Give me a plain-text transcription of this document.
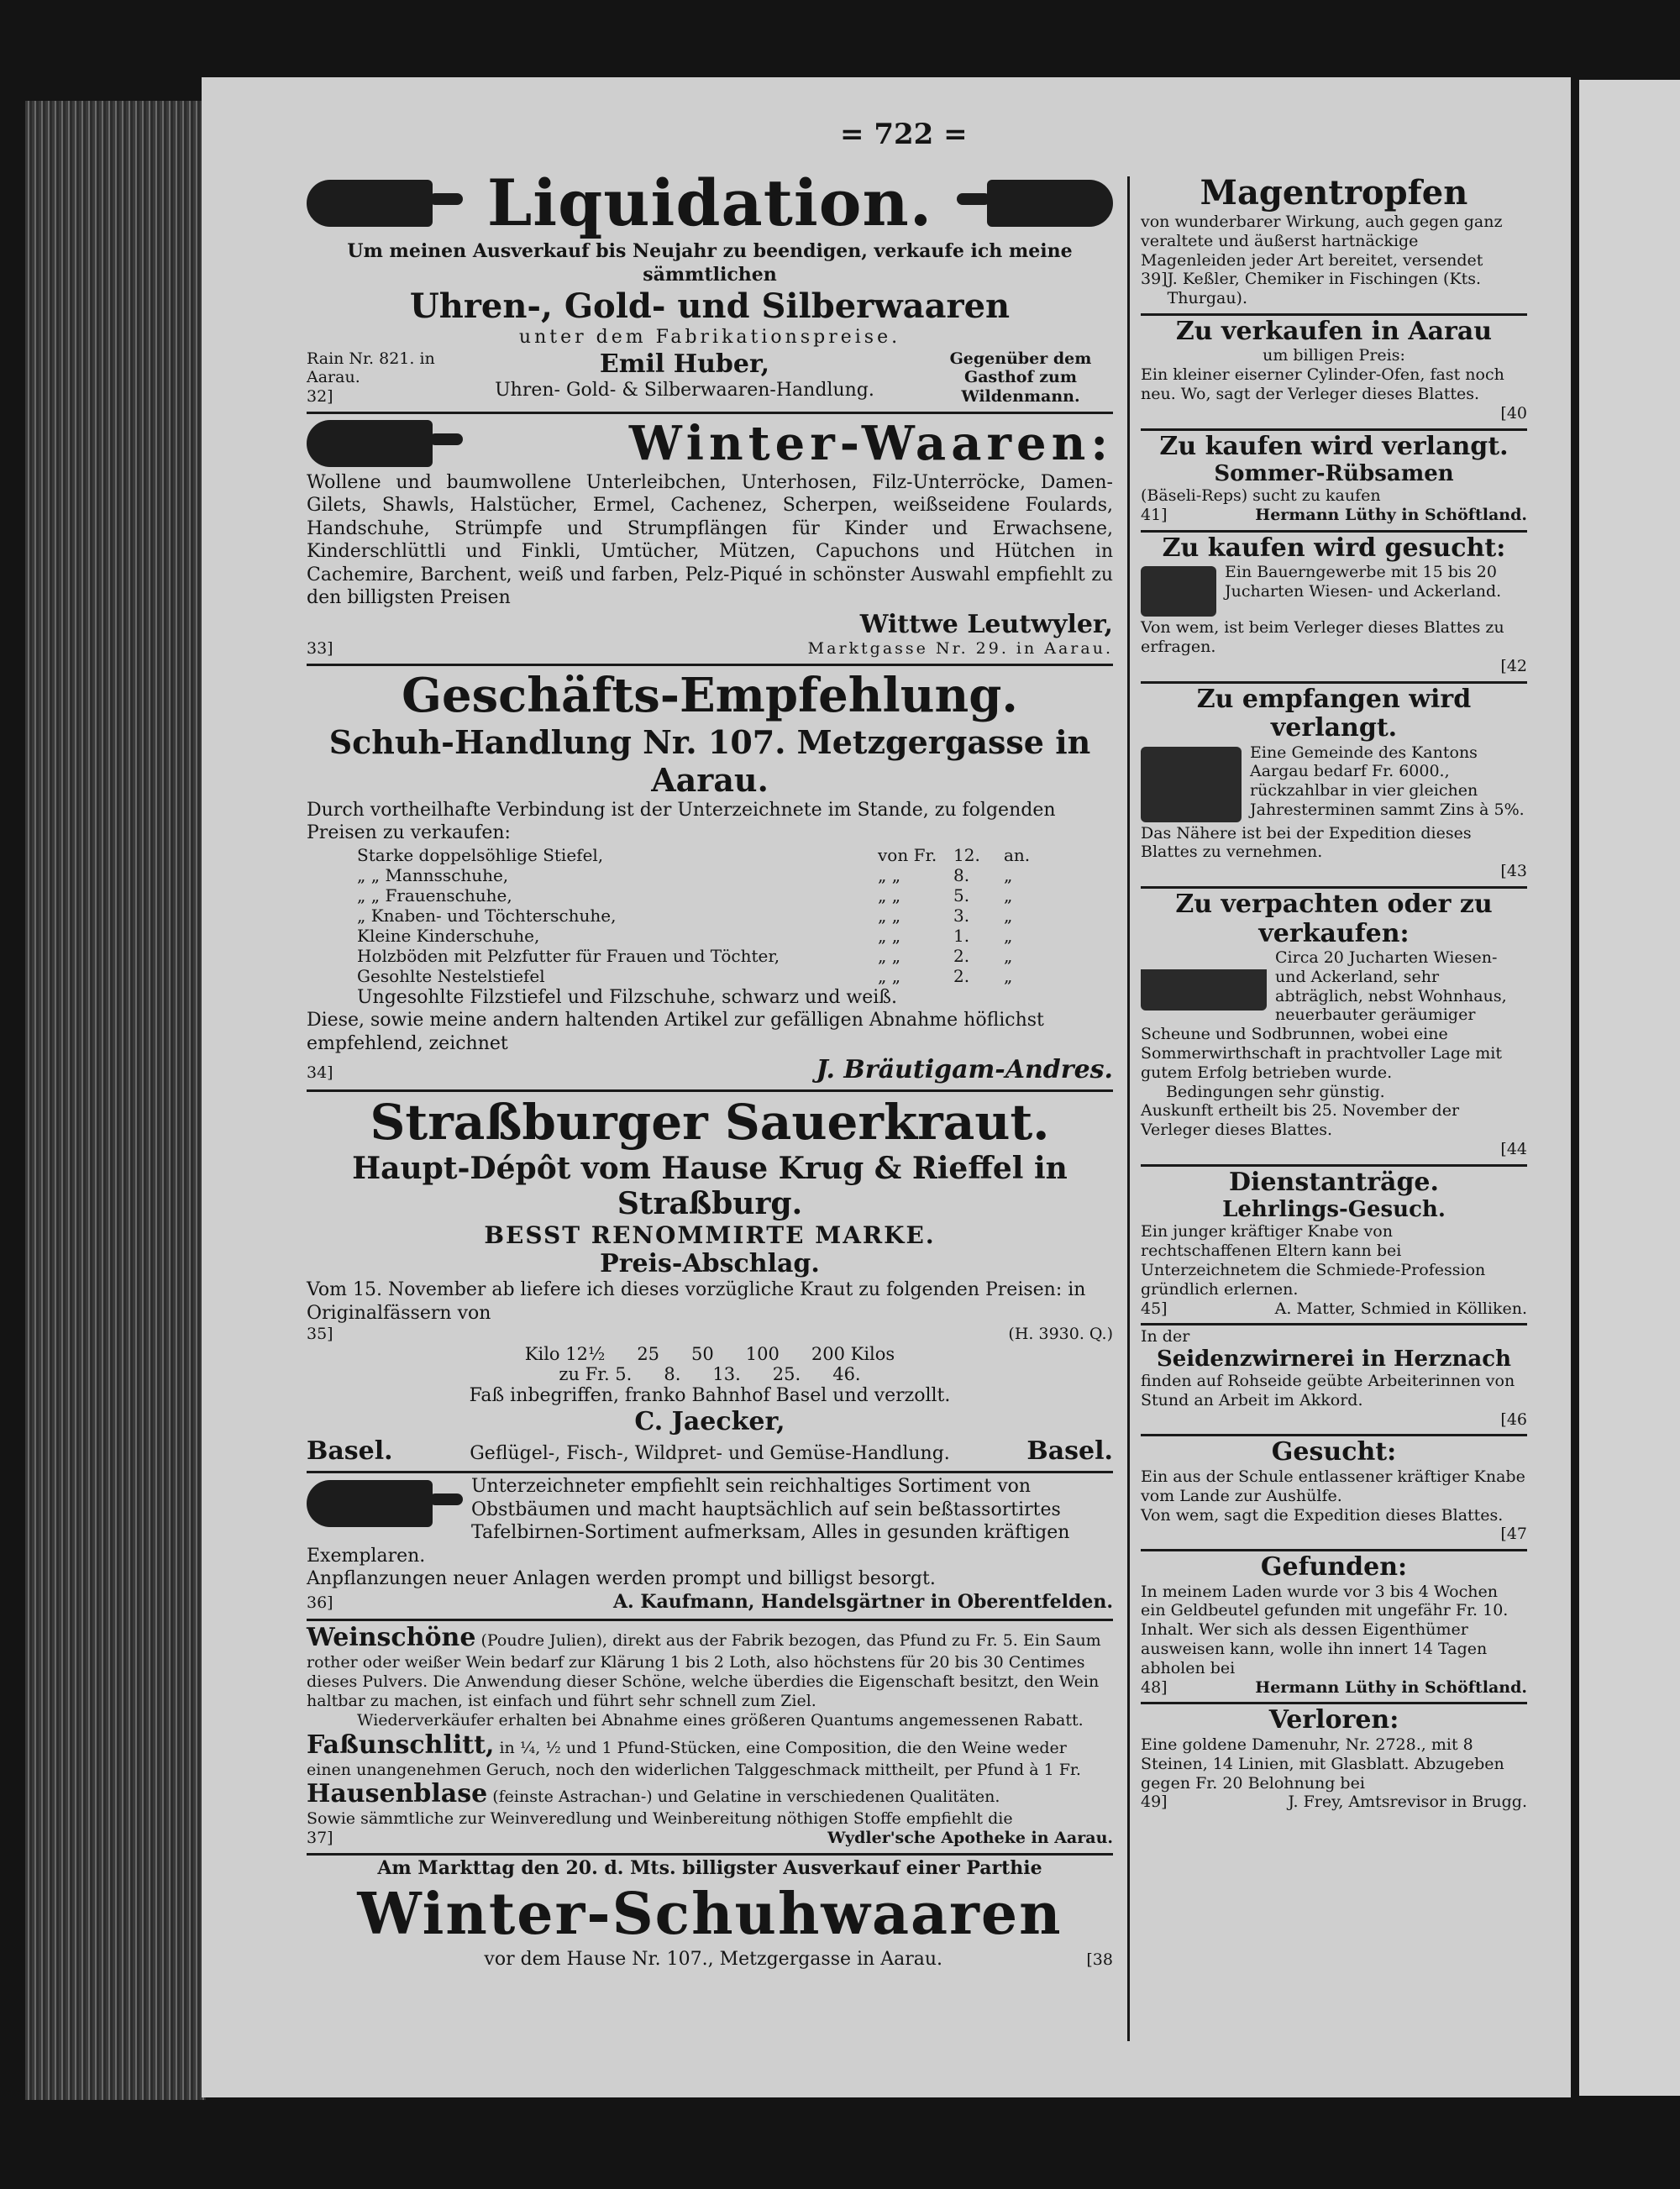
= 722 =
Liquidation.
Um meinen Ausverkauf bis Neujahr zu beendigen, verkaufe ich meine sämmtlichen
Uhren-, Gold- und Silberwaaren
unter dem Fabrikationspreise.
Rain Nr. 821. in Aarau.
32]
Emil Huber,
Uhren- Gold- & Silberwaaren-Handlung.
Gegenüber dem Gasthof zum Wildenmann.
Winter-Waaren:
Wollene und baumwollene Unterleibchen, Unterhosen, Filz-Unterröcke, Damen-Gilets, Shawls, Halstücher, Ermel, Cachenez, Scherpen, weißseidene Foulards, Handschuhe, Strümpfe und Strumpflängen für Kinder und Erwachsene, Kinderschlüttli und Finkli, Umtücher, Mützen, Capuchons und Hütchen in Cachemire, Barchent, weiß und farben, Pelz-Piqué in schönster Auswahl empfiehlt zu den billigsten Preisen
Wittwe Leutwyler,
33]	Marktgasse Nr. 29. in Aarau.
Geschäfts-Empfehlung.
Schuh-Handlung Nr. 107. Metzgergasse in Aarau.
Durch vortheilhafte Verbindung ist der Unterzeichnete im Stande, zu folgenden Preisen zu verkaufen:
Starke doppelsöhlige Stiefel,	von Fr. 12.	an.
„ „ Mannsschuhe,	„ „	8.	„
„ „ Frauenschuhe,	„ „	5.	„
„ Knaben- und Töchterschuhe,	„ „	3.	„
Kleine Kinderschuhe,	„ „	1.	„
Holzböden mit Pelzfutter für Frauen und Töchter,	„ „	2.	„
Gesohlte Nestelstiefel	„ „	2.	„
Ungesohlte Filzstiefel und Filzschuhe, schwarz und weiß.
Diese, sowie meine andern haltenden Artikel zur gefälligen Abnahme höflichst empfehlend, zeichnet
34]	J. Bräutigam-Andres.
Straßburger Sauerkraut.
Haupt-Dépôt vom Hause Krug & Rieffel in Straßburg.
BESST RENOMMIRTE MARKE.
Preis-Abschlag.
Vom 15. November ab liefere ich dieses vorzügliche Kraut zu folgenden Preisen: in Originalfässern von
35]	(H. 3930. Q.)
Kilo 12½ 25 50 100 200 Kilos
zu Fr. 5. 8. 13. 25. 46.
Faß inbegriffen, franko Bahnhof Basel und verzollt.
C. Jaecker,
Basel.	Geflügel-, Fisch-, Wildpret- und Gemüse-Handlung.	Basel.
Unterzeichneter empfiehlt sein reichhaltiges Sortiment von Obstbäumen und macht hauptsächlich auf sein beßtassortirtes Tafelbirnen-Sortiment aufmerksam, Alles in gesunden kräftigen Exemplaren.
Anpflanzungen neuer Anlagen werden prompt und billigst besorgt.
36]	A. Kaufmann, Handelsgärtner in Oberentfelden.
Weinschöne (Poudre Julien), direkt aus der Fabrik bezogen, das Pfund zu Fr. 5. Ein Saum rother oder weißer Wein bedarf zur Klärung 1 bis 2 Loth, also höchstens für 20 bis 30 Centimes dieses Pulvers. Die Anwendung dieser Schöne, welche überdies die Eigenschaft besitzt, den Wein haltbar zu machen, ist einfach und führt sehr schnell zum Ziel.
Wiederverkäufer erhalten bei Abnahme eines größeren Quantums angemessenen Rabatt.
Faßunschlitt, in ¼, ½ und 1 Pfund-Stücken, eine Composition, die den Weine weder einen unangenehmen Geruch, noch den widerlichen Talggeschmack mittheilt, per Pfund à 1 Fr.
Hausenblase (feinste Astrachan-) und Gelatine in verschiedenen Qualitäten.
Sowie sämmtliche zur Weinveredlung und Weinbereitung nöthigen Stoffe empfiehlt die
37]	Wydler'sche Apotheke in Aarau.
Am Markttag den 20. d. Mts. billigster Ausverkauf einer Parthie
Winter-Schuhwaaren
vor dem Hause Nr. 107., Metzgergasse in Aarau.	[38
Magentropfen
von wunderbarer Wirkung, auch gegen ganz veraltete und äußerst hartnäckige Magenleiden jeder Art bereitet, versendet
39] J. Keßler, Chemiker in Fischingen (Kts. Thurgau).
Zu verkaufen in Aarau
um billigen Preis:
Ein kleiner eiserner Cylinder-Ofen, fast noch neu. Wo, sagt der Verleger dieses Blattes.
[40
Zu kaufen wird verlangt.
Sommer-Rübsamen
(Bäseli-Reps) sucht zu kaufen
41]	Hermann Lüthy in Schöftland.
Zu kaufen wird gesucht:
Ein Bauerngewerbe mit 15 bis 20 Jucharten Wiesen- und Ackerland.
Von wem, ist beim Verleger dieses Blattes zu erfragen.
[42
Zu empfangen wird verlangt.
Eine Gemeinde des Kantons Aargau bedarf Fr. 6000., rückzahlbar in vier gleichen Jahresterminen sammt Zins à 5%.
Das Nähere ist bei der Expedition dieses Blattes zu vernehmen.
[43
Zu verpachten oder zu verkaufen:
Circa 20 Jucharten Wiesen- und Ackerland, sehr abträglich, nebst Wohnhaus, neuerbauter geräumiger Scheune und Sodbrunnen, wobei eine Sommerwirthschaft in prachtvoller Lage mit gutem Erfolg betrieben wurde.
Bedingungen sehr günstig.
Auskunft ertheilt bis 25. November der Verleger dieses Blattes.
[44
Dienstanträge.
Lehrlings-Gesuch.
Ein junger kräftiger Knabe von rechtschaffenen Eltern kann bei Unterzeichnetem die Schmiede-Profession gründlich erlernen.
45]	A. Matter, Schmied in Kölliken.
In der
Seidenzwirnerei in Herznach
finden auf Rohseide geübte Arbeiterinnen von Stund an Arbeit im Akkord.
[46
Gesucht:
Ein aus der Schule entlassener kräftiger Knabe vom Lande zur Aushülfe.
Von wem, sagt die Expedition dieses Blattes.
[47
Gefunden:
In meinem Laden wurde vor 3 bis 4 Wochen ein Geldbeutel gefunden mit ungefähr Fr. 10. Inhalt. Wer sich als dessen Eigenthümer ausweisen kann, wolle ihn innert 14 Tagen abholen bei
48]	Hermann Lüthy in Schöftland.
Verloren:
Eine goldene Damenuhr, Nr. 2728., mit 8 Steinen, 14 Linien, mit Glasblatt. Abzugeben gegen Fr. 20 Belohnung bei
49]	J. Frey, Amtsrevisor in Brugg.
